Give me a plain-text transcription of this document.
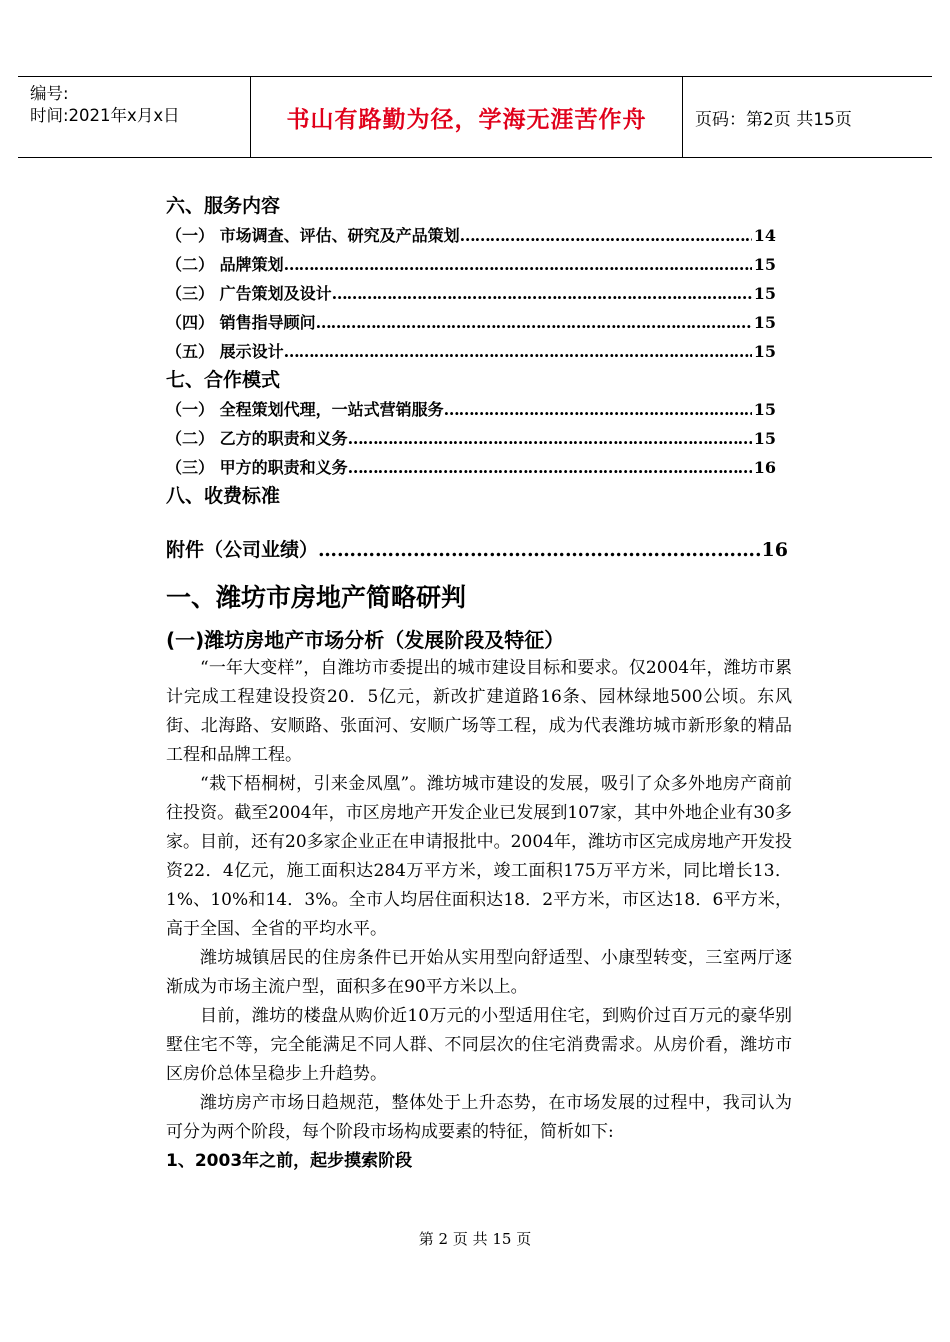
编号:
时间:2021年x月x日	书山有路勤为径，学海无涯苦作舟	页码：第2页 共15页
六、服务内容
（一） 市场调查、评估、研究及产品策划 …………………………………………………………………………………………………………………	14
（二） 品牌策划 …………………………………………………………………………………………………………………	15
（三） 广告策划及设计 …………………………………………………………………………………………………………………	15
（四） 销售指导顾问 …………………………………………………………………………………………………………………	15
（五） 展示设计 …………………………………………………………………………………………………………………	15
七、合作模式
（一） 全程策划代理，一站式营销服务 …………………………………………………………………………………………………………………	15
（二） 乙方的职责和义务 …………………………………………………………………………………………………………………	15
（三） 甲方的职责和义务 …………………………………………………………………………………………………………………	16
八、收费标准
附件（公司业绩） ……………………………………………………………………………………………………	16
一、潍坊市房地产简略研判
(一)潍坊房地产市场分析（发展阶段及特征）

“一年大变样”，自潍坊市委提出的城市建设目标和要求。仅2004年，潍坊市累计完成工程建设投资20．5亿元，新改扩建道路16条、园林绿地500公顷。东风街、北海路、安顺路、张面河、安顺广场等工程，成为代表潍坊城市新形象的精品工程和品牌工程。

“栽下梧桐树，引来金凤凰”。潍坊城市建设的发展，吸引了众多外地房产商前往投资。截至2004年，市区房地产开发企业已发展到107家，其中外地企业有30多家。目前，还有20多家企业正在申请报批中。2004年，潍坊市区完成房地产开发投资22．4亿元，施工面积达284万平方米，竣工面积175万平方米，同比增长13．1%、10%和14．3%。全市人均居住面积达18．2平方米，市区达18．6平方米，高于全国、全省的平均水平。

潍坊城镇居民的住房条件已开始从实用型向舒适型、小康型转变，三室两厅逐渐成为市场主流户型，面积多在90平方米以上。

目前，潍坊的楼盘从购价近10万元的小型适用住宅，到购价过百万元的豪华别墅住宅不等，完全能满足不同人群、不同层次的住宅消费需求。从房价看，潍坊市区房价总体呈稳步上升趋势。

潍坊房产市场日趋规范，整体处于上升态势，在市场发展的过程中，我司认为可分为两个阶段，每个阶段市场构成要素的特征，简析如下:

1、2003年之前，起步摸索阶段

第 2 页 共 15 页
